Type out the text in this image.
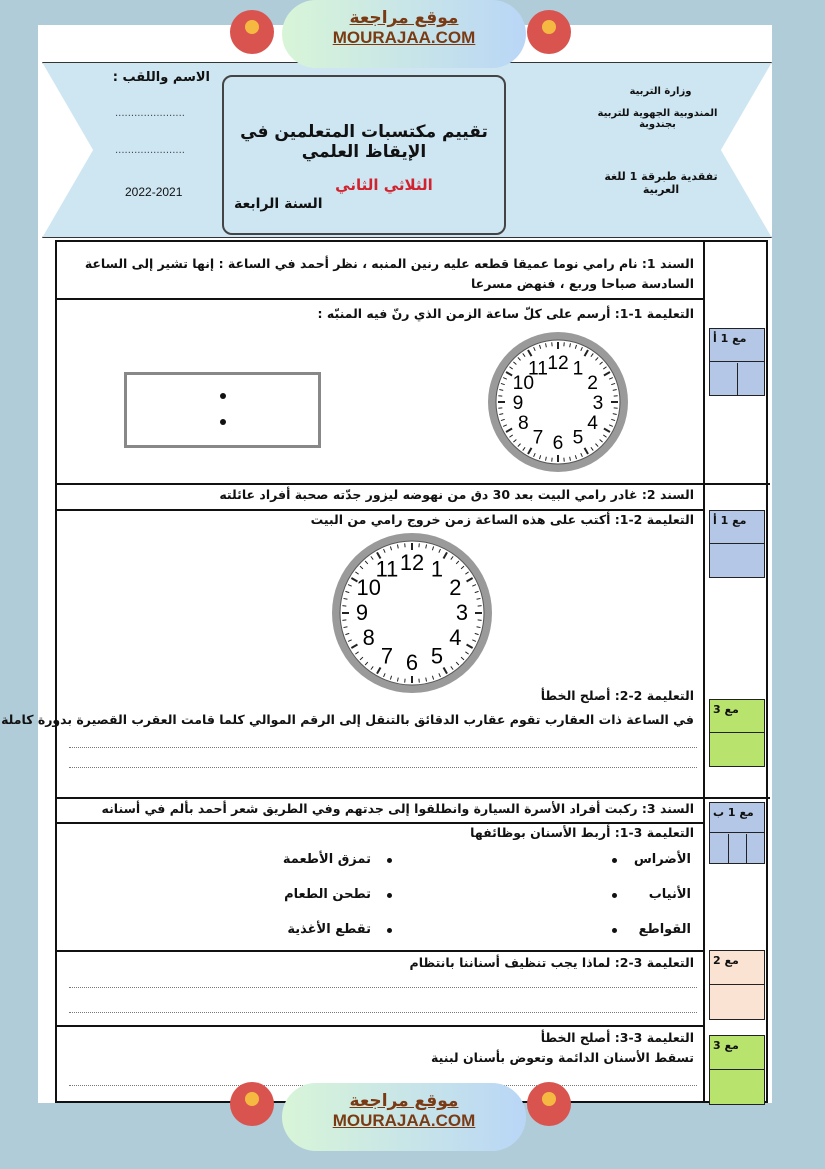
موقع مراجعة
MOURAJAA.COM
وزارة التربية
المندوبية الجهوية للتربية بجندوبة
تفقدية طبرقة 1 للغة العربية
الاسم واللقب :
......................
......................
2022-2021
تقييم مكتسبات المتعلمين في الإيقاظ العلمي
الثلاثي الثاني
السنة الرابعة
السند 1: نام رامي نوما عميقا قطعه عليه رنين المنبه ، نظر أحمد في الساعة : إنها تشير إلى الساعة السادسة صباحا وربع ، فنهض مسرعا
التعليمة 1-1: أرسم على كلّ ساعة الزمن الذي رنّ فيه المنبّه :
مع 1 أ
السند 2: غادر رامي البيت بعد 30 دق من نهوضه ليزور جدّته صحبة أفراد عائلته
التعليمة 2-1: أكتب على هذه الساعة زمن خروج رامي من البيت مع 1 أ
التعليمة 2-2: أصلح الخطأ
في الساعة ذات العقارب تقوم عقارب الدقائق بالتنقل إلى الرقم الموالي كلما قامت العقرب القصيرة بدورة كاملة
مع 3
السند 3: ركبت أفراد الأسرة السيارة وانطلقوا إلى جدتهم وفي الطريق شعر أحمد بألم في أسنانه
التعليمة 3-1: أربط الأسنان بوظائفها
مع 1 ب
الأضراس
تمزق الأطعمة
الأنياب
تطحن الطعام
القواطع
تقطع الأغذية
التعليمة 3-2: لماذا يجب تنظيف أسناننا بانتظام مع 2
التعليمة 3-3: أصلح الخطأ
تسقط الأسنان الدائمة وتعوض بأسنان لبنية
مع 3
12 1
2
3
4
5
6
7
8
9
10
11
12 1
2
3
4
5
6
7
8
9
10
11
موقع مراجعة
MOURAJAA.COM
